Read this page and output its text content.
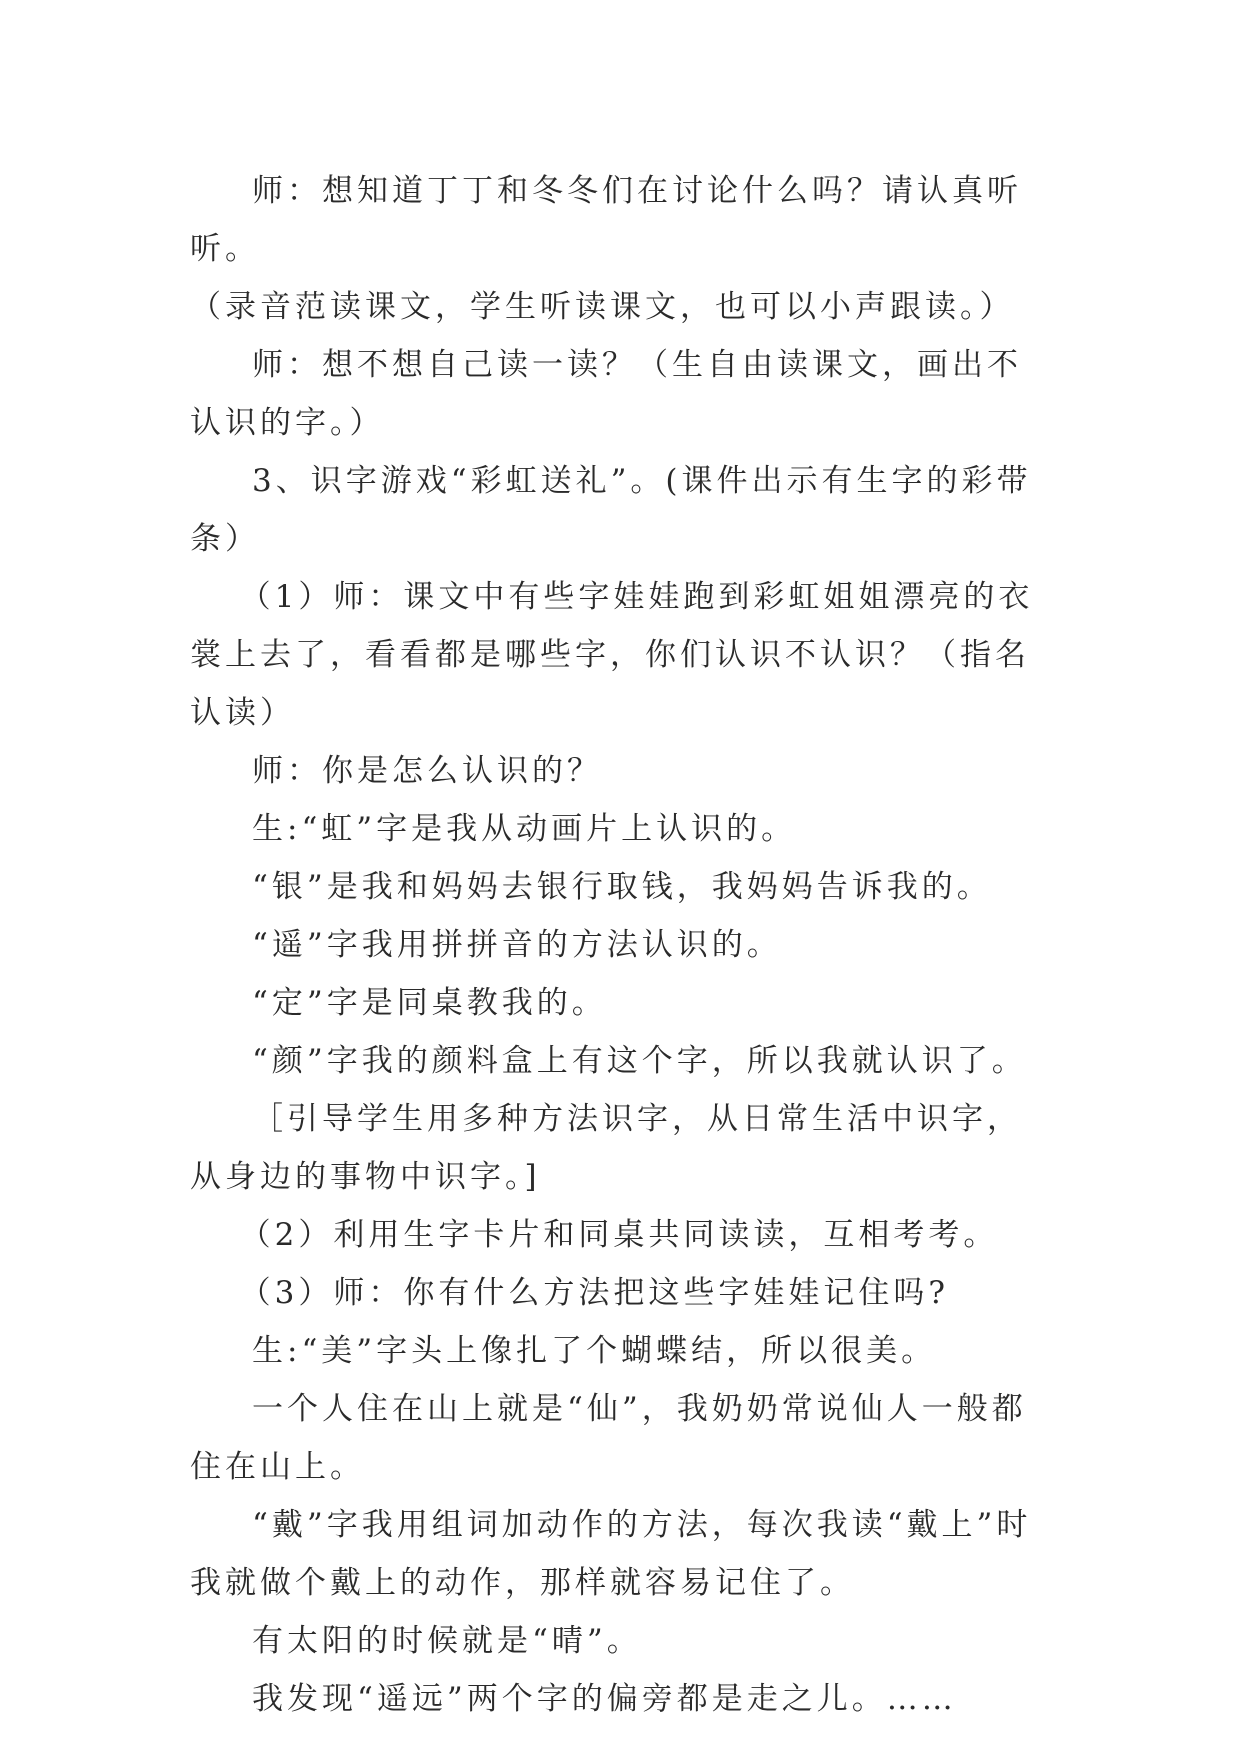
师：想知道丁丁和冬冬们在讨论什么吗？请认真听听。

（录音范读课文，学生听读课文，也可以小声跟读。）

师：想不想自己读一读？（生自由读课文，画出不认识的字。）

3、识字游戏“彩虹送礼”。(课件出示有生字的彩带条）

（1）师：课文中有些字娃娃跑到彩虹姐姐漂亮的衣裳上去了，看看都是哪些字，你们认识不认识？（指名认读）

师：你是怎么认识的？

生:“虹”字是我从动画片上认识的。

“银”是我和妈妈去银行取钱，我妈妈告诉我的。

“遥”字我用拼拼音的方法认识的。

“定”字是同桌教我的。

“颜”字我的颜料盒上有这个字，所以我就认识了。

［引导学生用多种方法识字，从日常生活中识字，从身边的事物中识字。]

（2）利用生字卡片和同桌共同读读，互相考考。

（3）师：你有什么方法把这些字娃娃记住吗?

生:“美”字头上像扎了个蝴蝶结，所以很美。

一个人住在山上就是“仙”，我奶奶常说仙人一般都住在山上。

“戴”字我用组词加动作的方法，每次我读“戴上”时我就做个戴上的动作，那样就容易记住了。

有太阳的时候就是“晴”。

我发现“遥远”两个字的偏旁都是走之儿。……
